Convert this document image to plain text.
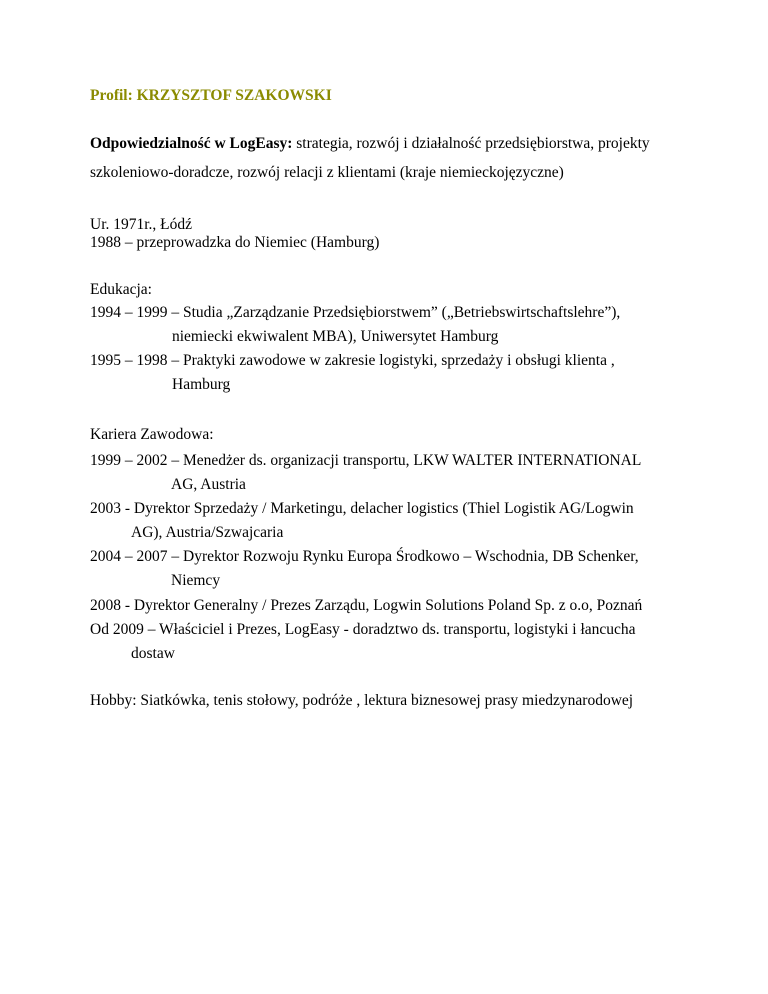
Profil: KRZYSZTOF SZAKOWSKI
Odpowiedzialność w LogEasy: strategia, rozwój i działalność przedsiębiorstwa, projekty
szkoleniowo-doradcze, rozwój relacji z klientami (kraje niemieckojęzyczne)
Ur. 1971r., Łódź
1988 – przeprowadzka do Niemiec (Hamburg)
Edukacja:
1994 – 1999 – Studia „Zarządzanie Przedsiębiorstwem” („Betriebswirtschaftslehre”),
niemiecki ekwiwalent MBA), Uniwersytet Hamburg
1995 – 1998 – Praktyki zawodowe w zakresie logistyki, sprzedaży i obsługi klienta ,
Hamburg
Kariera Zawodowa:
1999 – 2002 – Menedżer ds. organizacji transportu, LKW WALTER INTERNATIONAL
AG, Austria
2003 - Dyrektor Sprzedaży / Marketingu, delacher logistics (Thiel Logistik AG/Logwin
AG), Austria/Szwajcaria
2004 – 2007 – Dyrektor Rozwoju Rynku Europa Środkowo – Wschodnia, DB Schenker,
Niemcy
2008 - Dyrektor Generalny / Prezes Zarządu, Logwin Solutions Poland Sp. z o.o, Poznań
Od 2009 – Właściciel i Prezes, LogEasy - doradztwo ds. transportu, logistyki i łancucha
dostaw
Hobby: Siatkówka, tenis stołowy, podróże , lektura biznesowej prasy miedzynarodowej
